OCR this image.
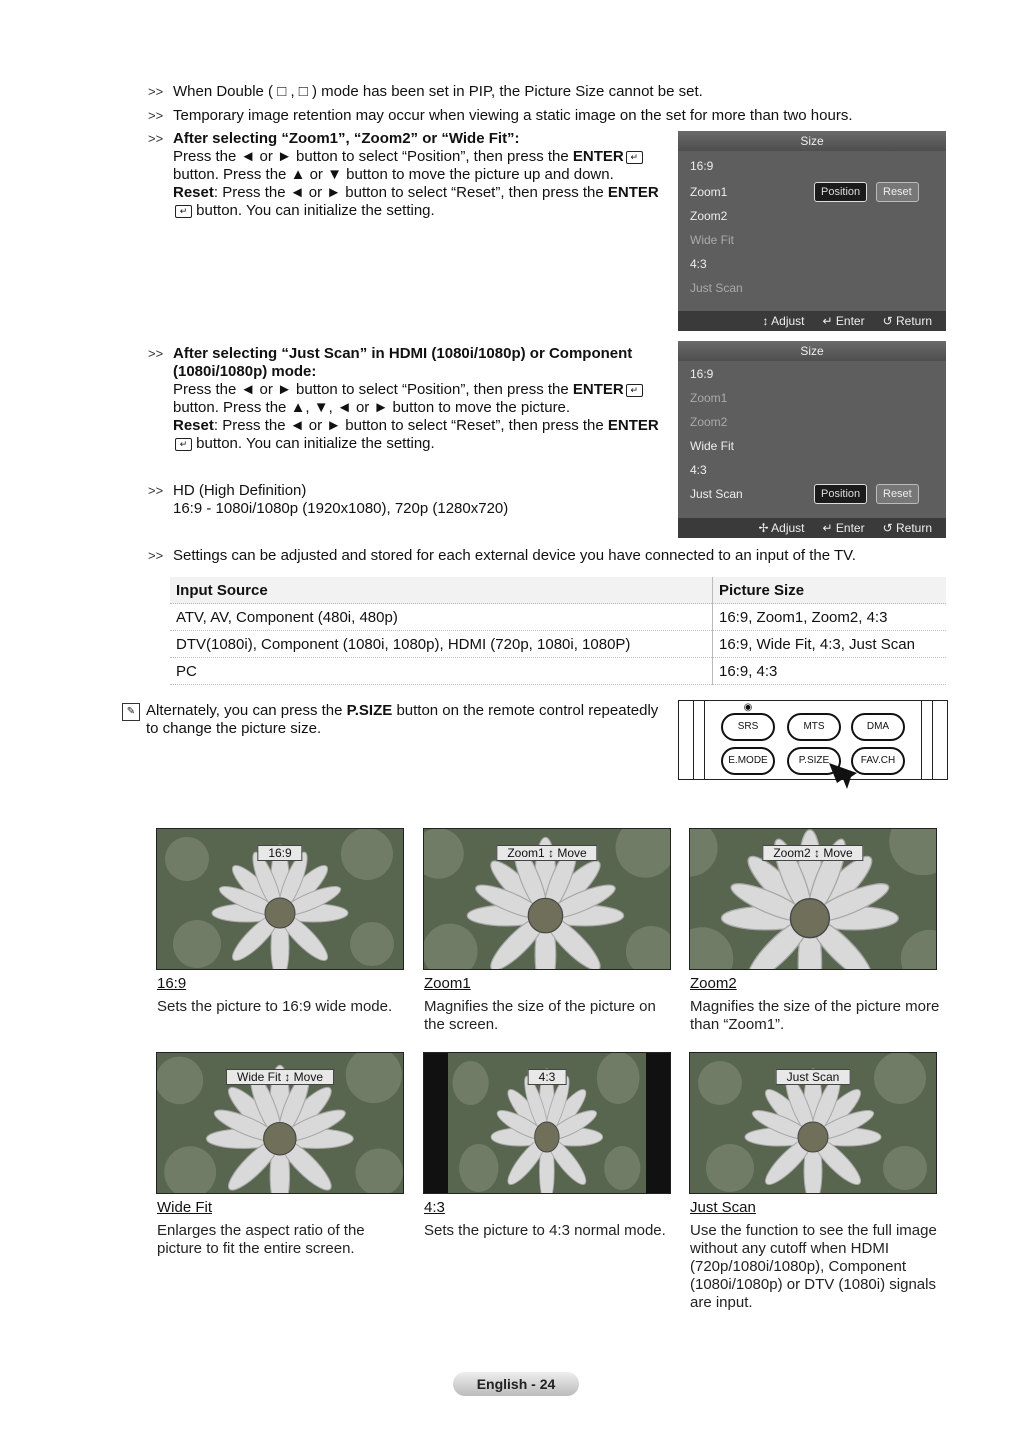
>> When Double ( □ , □ ) mode has been set in PIP, the Picture Size cannot be set.

>> Temporary image retention may occur when viewing a static image on the set for more than two hours.

>> After selecting “Zoom1”, “Zoom2” or “Wide Fit”:

Press the ◄ or ► button to select “Position”, then press the ENTER ↵

button. Press the ▲ or ▼ button to move the picture up and down.

Reset: Press the ◄ or ► button to select “Reset”, then press the ENTER

↵ button. You can initialize the setting.

Size
16:9
Zoom1
Zoom2
Wide Fit
4:3
Just Scan
Position	Reset
↕ Adjust ↵ Enter ↺ Return
>> After selecting “Just Scan” in HDMI (1080i/1080p) or Component (1080i/1080p) mode:

Press the ◄ or ► button to select “Position”, then press the ENTER ↵

button. Press the ▲, ▼, ◄ or ► button to move the picture.

Reset: Press the ◄ or ► button to select “Reset”, then press the ENTER

↵ button. You can initialize the setting.

>> HD (High Definition)

16:9 - 1080i/1080p (1920x1080), 720p (1280x720)

Size
16:9
Zoom1
Zoom2
Wide Fit
4:3
Just Scan	Position	Reset
✢ Adjust ↵ Enter ↺ Return
>> Settings can be adjusted and stored for each external device you have connected to an input of the TV.

Input Source	Picture Size
ATV, AV, Component (480i, 480p)	16:9, Zoom1, Zoom2, 4:3
DTV(1080i), Component (1080i, 1080p), HDMI (720p, 1080i, 1080P)	16:9, Wide Fit, 4:3, Just Scan
PC	16:9, 4:3
✎ Alternately, you can press the P.SIZE button on the remote control repeatedly to change the picture size.
◉
SRS	MTS	DMA
E.MODE	P.SIZE	FAV.CH
16:9	Zoom1 ↕ Move	Zoom2 ↕ Move
16:9
Sets the picture to 16:9 wide mode.
Zoom1
Magnifies the size of the picture on the screen.
Zoom2
Magnifies the size of the picture more than “Zoom1”.
Wide Fit ↕ Move	4:3	Just Scan
Wide Fit
Enlarges the aspect ratio of the picture to fit the entire screen.
4:3
Sets the picture to 4:3 normal mode.
Just Scan
Use the function to see the full image without any cutoff when HDMI (720p/1080i/1080p), Component (1080i/1080p) or DTV (1080i) signals are input.
English - 24
